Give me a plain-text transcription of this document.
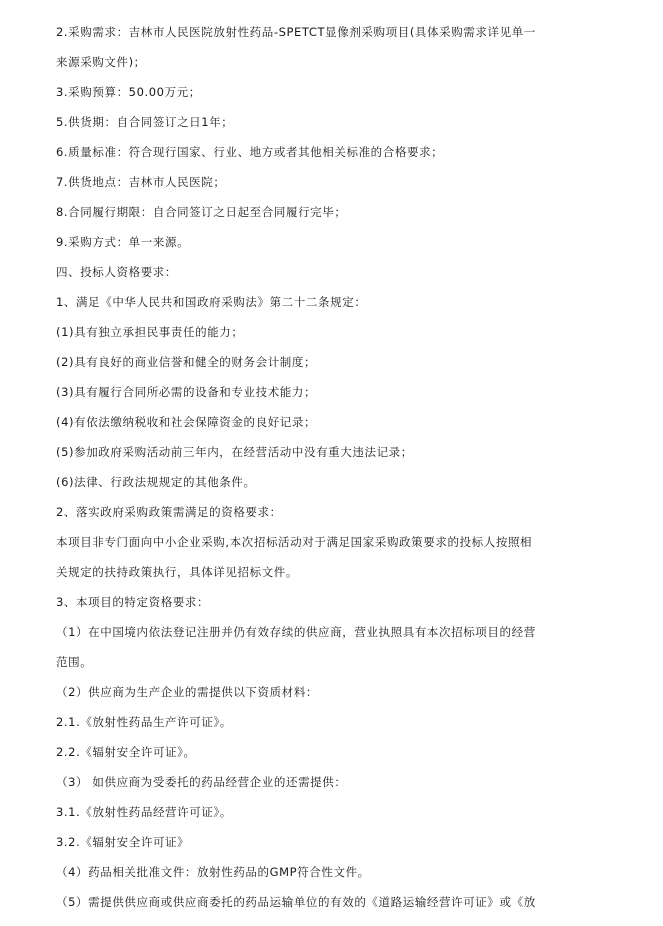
2.采购需求：吉林市人民医院放射性药品-SPETCT显像剂采购项目(具体采购需求详见单一
来源采购文件)；
3.采购预算：50.00万元；
5.供货期：自合同签订之日1年；
6.质量标准：符合现行国家、行业、地方或者其他相关标准的合格要求；
7.供货地点：吉林市人民医院；
8.合同履行期限：自合同签订之日起至合同履行完毕；
9.采购方式：单一来源。
四、投标人资格要求：
1、满足《中华人民共和国政府采购法》第二十二条规定：
(1)具有独立承担民事责任的能力；
(2)具有良好的商业信誉和健全的财务会计制度；
(3)具有履行合同所必需的设备和专业技术能力；
(4)有依法缴纳税收和社会保障资金的良好记录；
(5)参加政府采购活动前三年内，在经营活动中没有重大违法记录；
(6)法律、行政法规规定的其他条件。
2、落实政府采购政策需满足的资格要求：
本项目非专门面向中小企业采购,本次招标活动对于满足国家采购政策要求的投标人按照相
关规定的扶持政策执行，具体详见招标文件。
3、本项目的特定资格要求：
（1）在中国境内依法登记注册并仍有效存续的供应商，营业执照具有本次招标项目的经营
范围。
（2）供应商为生产企业的需提供以下资质材料：
2.1.《放射性药品生产许可证》。
2.2.《辐射安全许可证》。
（3） 如供应商为受委托的药品经营企业的还需提供：
3.1.《放射性药品经营许可证》。
3.2.《辐射安全许可证》
（4）药品相关批准文件：放射性药品的GMP符合性文件。
（5）需提供供应商或供应商委托的药品运输单位的有效的《道路运输经营许可证》或《放
